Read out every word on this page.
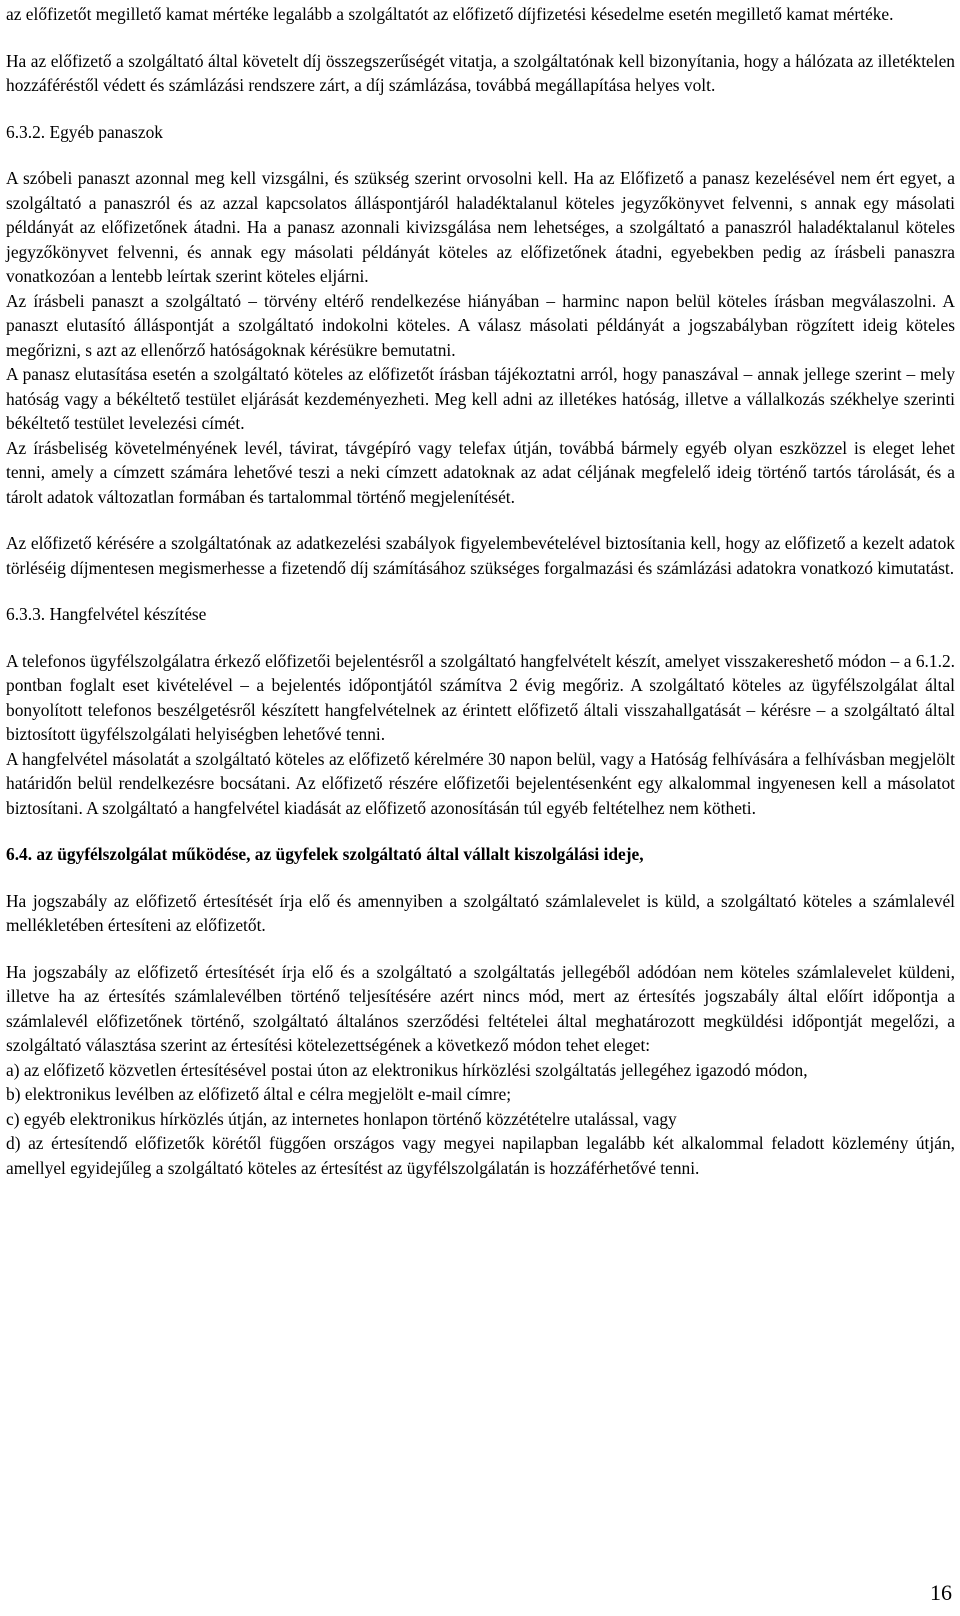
az előfizetőt megillető kamat mértéke legalább a szolgáltatót az előfizető díjfizetési késedelme esetén megillető kamat mértéke.

Ha az előfizető a szolgáltató által követelt díj összegszerűségét vitatja, a szolgáltatónak kell bizonyítania, hogy a hálózata az illetéktelen hozzáféréstől védett és számlázási rendszere zárt, a díj számlázása, továbbá megállapítása helyes volt.

6.3.2. Egyéb panaszok

A szóbeli panaszt azonnal meg kell vizsgálni, és szükség szerint orvosolni kell. Ha az Előfizető a panasz kezelésével nem ért egyet, a szolgáltató a panaszról és az azzal kapcsolatos álláspontjáról haladéktalanul köteles jegyzőkönyvet felvenni, s annak egy másolati példányát az előfizetőnek átadni. Ha a panasz azonnali kivizsgálása nem lehetséges, a szolgáltató a panaszról haladéktalanul köteles jegyzőkönyvet felvenni, és annak egy másolati példányát köteles az előfizetőnek átadni, egyebekben pedig az írásbeli panaszra vonatkozóan a lentebb leírtak szerint köteles eljárni.

Az írásbeli panaszt a szolgáltató – törvény eltérő rendelkezése hiányában – harminc napon belül köteles írásban megválaszolni. A panaszt elutasító álláspontját a szolgáltató indokolni köteles. A válasz másolati példányát a jogszabályban rögzített ideig köteles megőrizni, s azt az ellenőrző hatóságoknak kérésükre bemutatni.

A panasz elutasítása esetén a szolgáltató köteles az előfizetőt írásban tájékoztatni arról, hogy panaszával – annak jellege szerint – mely hatóság vagy a békéltető testület eljárását kezdeményezheti. Meg kell adni az illetékes hatóság, illetve a vállalkozás székhelye szerinti békéltető testület levelezési címét.

Az írásbeliség követelményének levél, távirat, távgépíró vagy telefax útján, továbbá bármely egyéb olyan eszközzel is eleget lehet tenni, amely a címzett számára lehetővé teszi a neki címzett adatoknak az adat céljának megfelelő ideig történő tartós tárolását, és a tárolt adatok változatlan formában és tartalommal történő megjelenítését.

Az előfizető kérésére a szolgáltatónak az adatkezelési szabályok figyelembevételével biztosítania kell, hogy az előfizető a kezelt adatok törléséig díjmentesen megismerhesse a fizetendő díj számításához szükséges forgalmazási és számlázási adatokra vonatkozó kimutatást.

6.3.3. Hangfelvétel készítése

A telefonos ügyfélszolgálatra érkező előfizetői bejelentésről a szolgáltató hangfelvételt készít, amelyet visszakereshető módon – a 6.1.2. pontban foglalt eset kivételével – a bejelentés időpontjától számítva 2 évig megőriz. A szolgáltató köteles az ügyfélszolgálat által bonyolított telefonos beszélgetésről készített hangfelvételnek az érintett előfizető általi visszahallgatását – kérésre – a szolgáltató által biztosított ügyfélszolgálati helyiségben lehetővé tenni.

A hangfelvétel másolatát a szolgáltató köteles az előfizető kérelmére 30 napon belül, vagy a Hatóság felhívására a felhívásban megjelölt határidőn belül rendelkezésre bocsátani. Az előfizető részére előfizetői bejelentésenként egy alkalommal ingyenesen kell a másolatot biztosítani. A szolgáltató a hangfelvétel kiadását az előfizető azonosításán túl egyéb feltételhez nem kötheti.

6.4. az ügyfélszolgálat működése, az ügyfelek szolgáltató által vállalt kiszolgálási ideje,

Ha jogszabály az előfizető értesítését írja elő és amennyiben a szolgáltató számlalevelet is küld, a szolgáltató köteles a számlalevél mellékletében értesíteni az előfizetőt.

Ha jogszabály az előfizető értesítését írja elő és a szolgáltató a szolgáltatás jellegéből adódóan nem köteles számlalevelet küldeni, illetve ha az értesítés számlalevélben történő teljesítésére azért nincs mód, mert az értesítés jogszabály által előírt időpontja a számlalevél előfizetőnek történő, szolgáltató általános szerződési feltételei által meghatározott megküldési időpontját megelőzi, a szolgáltató választása szerint az értesítési kötelezettségének a következő módon tehet eleget:

a) az előfizető közvetlen értesítésével postai úton az elektronikus hírközlési szolgáltatás jellegéhez igazodó módon,

b) elektronikus levélben az előfizető által e célra megjelölt e-mail címre;

c) egyéb elektronikus hírközlés útján, az internetes honlapon történő közzétételre utalással, vagy

d) az értesítendő előfizetők körétől függően országos vagy megyei napilapban legalább két alkalommal feladott közlemény útján, amellyel egyidejűleg a szolgáltató köteles az értesítést az ügyfélszolgálatán is hozzáférhetővé tenni.

16
